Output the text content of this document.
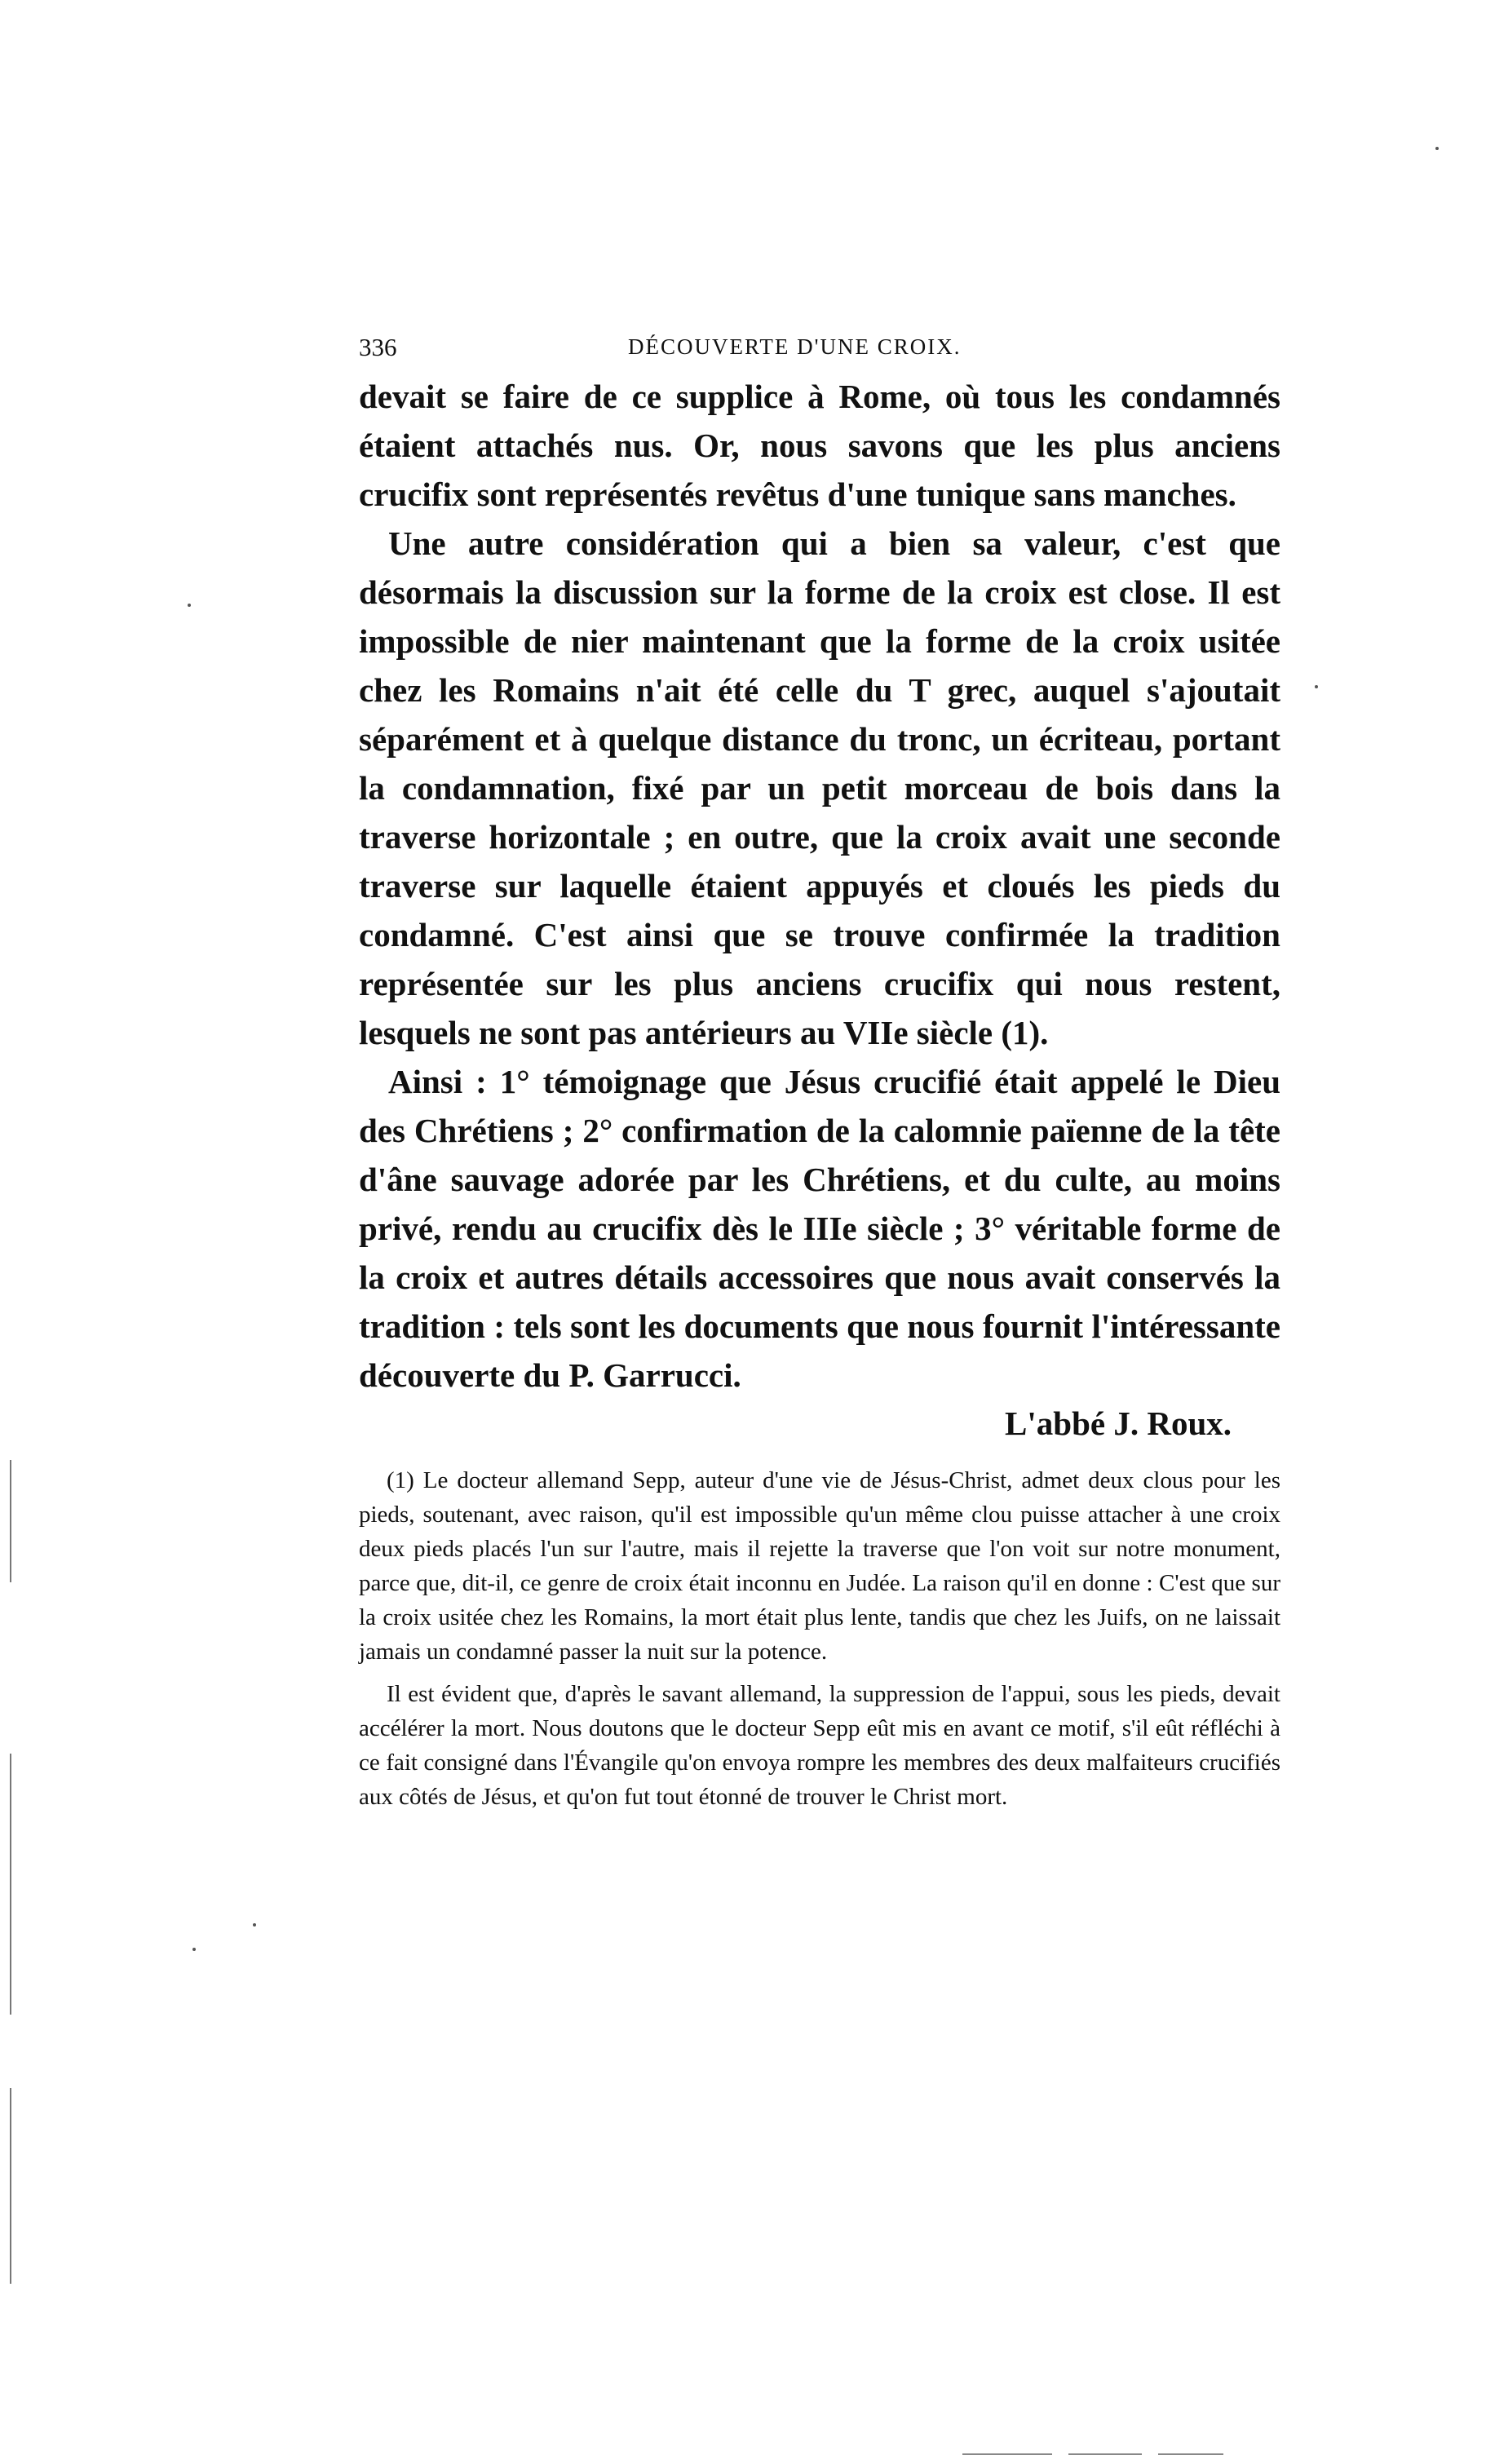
336	DÉCOUVERTE D'UNE CROIX.

devait se faire de ce supplice à Rome, où tous les condamnés étaient attachés nus. Or, nous savons que les plus anciens crucifix sont représentés revêtus d'une tunique sans manches.

Une autre considération qui a bien sa valeur, c'est que désormais la discussion sur la forme de la croix est close. Il est impossible de nier maintenant que la forme de la croix usitée chez les Romains n'ait été celle du T grec, auquel s'ajoutait séparément et à quelque distance du tronc, un écriteau, portant la condamnation, fixé par un petit morceau de bois dans la traverse horizontale ; en outre, que la croix avait une seconde traverse sur laquelle étaient appuyés et cloués les pieds du condamné. C'est ainsi que se trouve confirmée la tradition représentée sur les plus anciens crucifix qui nous restent, lesquels ne sont pas antérieurs au VIIe siècle (1).

Ainsi : 1° témoignage que Jésus crucifié était appelé le Dieu des Chrétiens ; 2° confirmation de la calomnie païenne de la tête d'âne sauvage adorée par les Chrétiens, et du culte, au moins privé, rendu au crucifix dès le IIIe siècle ; 3° véritable forme de la croix et autres détails accessoires que nous avait conservés la tradition : tels sont les documents que nous fournit l'intéressante découverte du P. Garrucci.

L'abbé J. Roux.

(1) Le docteur allemand Sepp, auteur d'une vie de Jésus-Christ, admet deux clous pour les pieds, soutenant, avec raison, qu'il est impossible qu'un même clou puisse attacher à une croix deux pieds placés l'un sur l'autre, mais il rejette la traverse que l'on voit sur notre monument, parce que, dit-il, ce genre de croix était inconnu en Judée. La raison qu'il en donne : C'est que sur la croix usitée chez les Romains, la mort était plus lente, tandis que chez les Juifs, on ne laissait jamais un condamné passer la nuit sur la potence.

Il est évident que, d'après le savant allemand, la suppression de l'appui, sous les pieds, devait accélérer la mort. Nous doutons que le docteur Sepp eût mis en avant ce motif, s'il eût réfléchi à ce fait consigné dans l'Évangile qu'on envoya rompre les membres des deux malfaiteurs crucifiés aux côtés de Jésus, et qu'on fut tout étonné de trouver le Christ mort.
